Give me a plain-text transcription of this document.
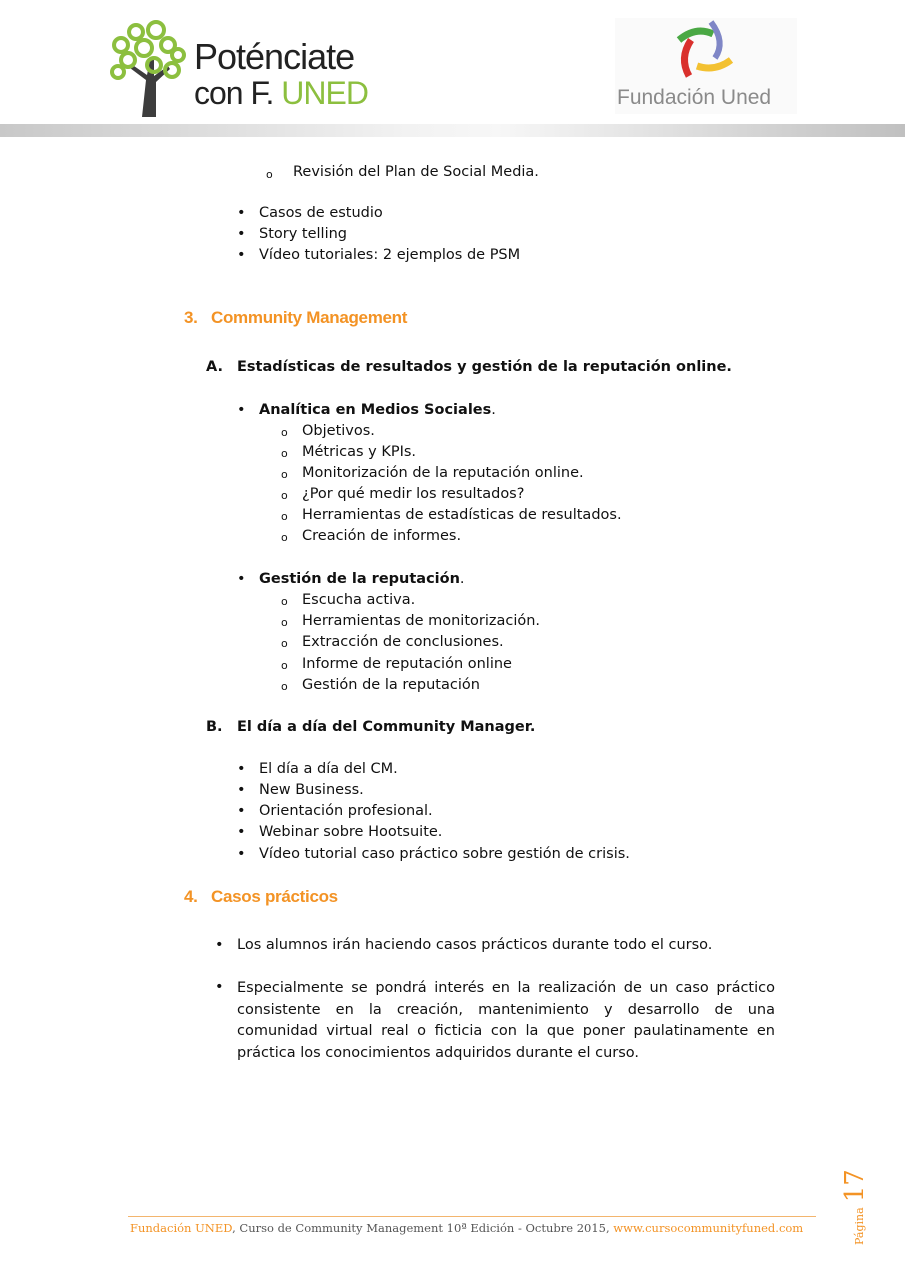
Poténciate
con F. UNED	Fundación Uned
o Revisión del Plan de Social Media.
• Casos de estudio
• Story telling
• Vídeo tutoriales: 2 ejemplos de PSM
3. Community Management
A. Estadísticas de resultados y gestión de la reputación online.
• Analítica en Medios Sociales.
o Objetivos.
o Métricas y KPIs.
o Monitorización de la reputación online.
o ¿Por qué medir los resultados?
o Herramientas de estadísticas de resultados.
o Creación de informes.
• Gestión de la reputación.
o Escucha activa.
o Herramientas de monitorización.
o Extracción de conclusiones.
o Informe de reputación online
o Gestión de la reputación
B. El día a día del Community Manager.
• El día a día del CM.
• New Business.
• Orientación profesional.
• Webinar sobre Hootsuite.
• Vídeo tutorial caso práctico sobre gestión de crisis.
4. Casos prácticos
• Los alumnos irán haciendo casos prácticos durante todo el curso.
• Especialmente se pondrá interés en la realización de un caso práctico consistente en la creación, mantenimiento y desarrollo de una comunidad virtual real o ficticia con la que poner paulatinamente en práctica los conocimientos adquiridos durante el curso.
Fundación UNED, Curso de Community Management 10ª Edición - Octubre 2015, www.cursocommunityfuned.com	Página 17
